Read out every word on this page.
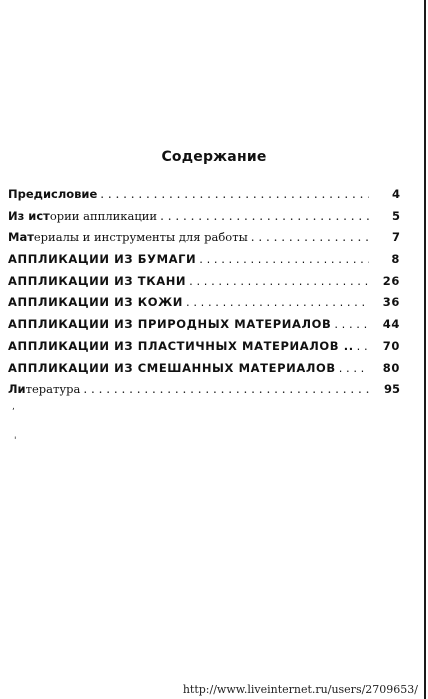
Содержание
Предисловие . . .	4
Из истории аппликации . . .	5
Материалы и инструменты для работы . . .	7
АППЛИКАЦИИ ИЗ БУМАГИ . . .	8
АППЛИКАЦИИ ИЗ ТКАНИ . . .	26
АППЛИКАЦИИ ИЗ КОЖИ . . .	36
АППЛИКАЦИИ ИЗ ПРИРОДНЫХ МАТЕРИАЛОВ . . .	44
АППЛИКАЦИИ ИЗ ПЛАСТИЧНЫХ МАТЕРИАЛОВ .. . . .	70
АППЛИКАЦИИ ИЗ СМЕШАННЫХ МАТЕРИАЛОВ . . .	80
Литература . . .	95
,
'
http://www.liveinternet.ru/users/2709653/
